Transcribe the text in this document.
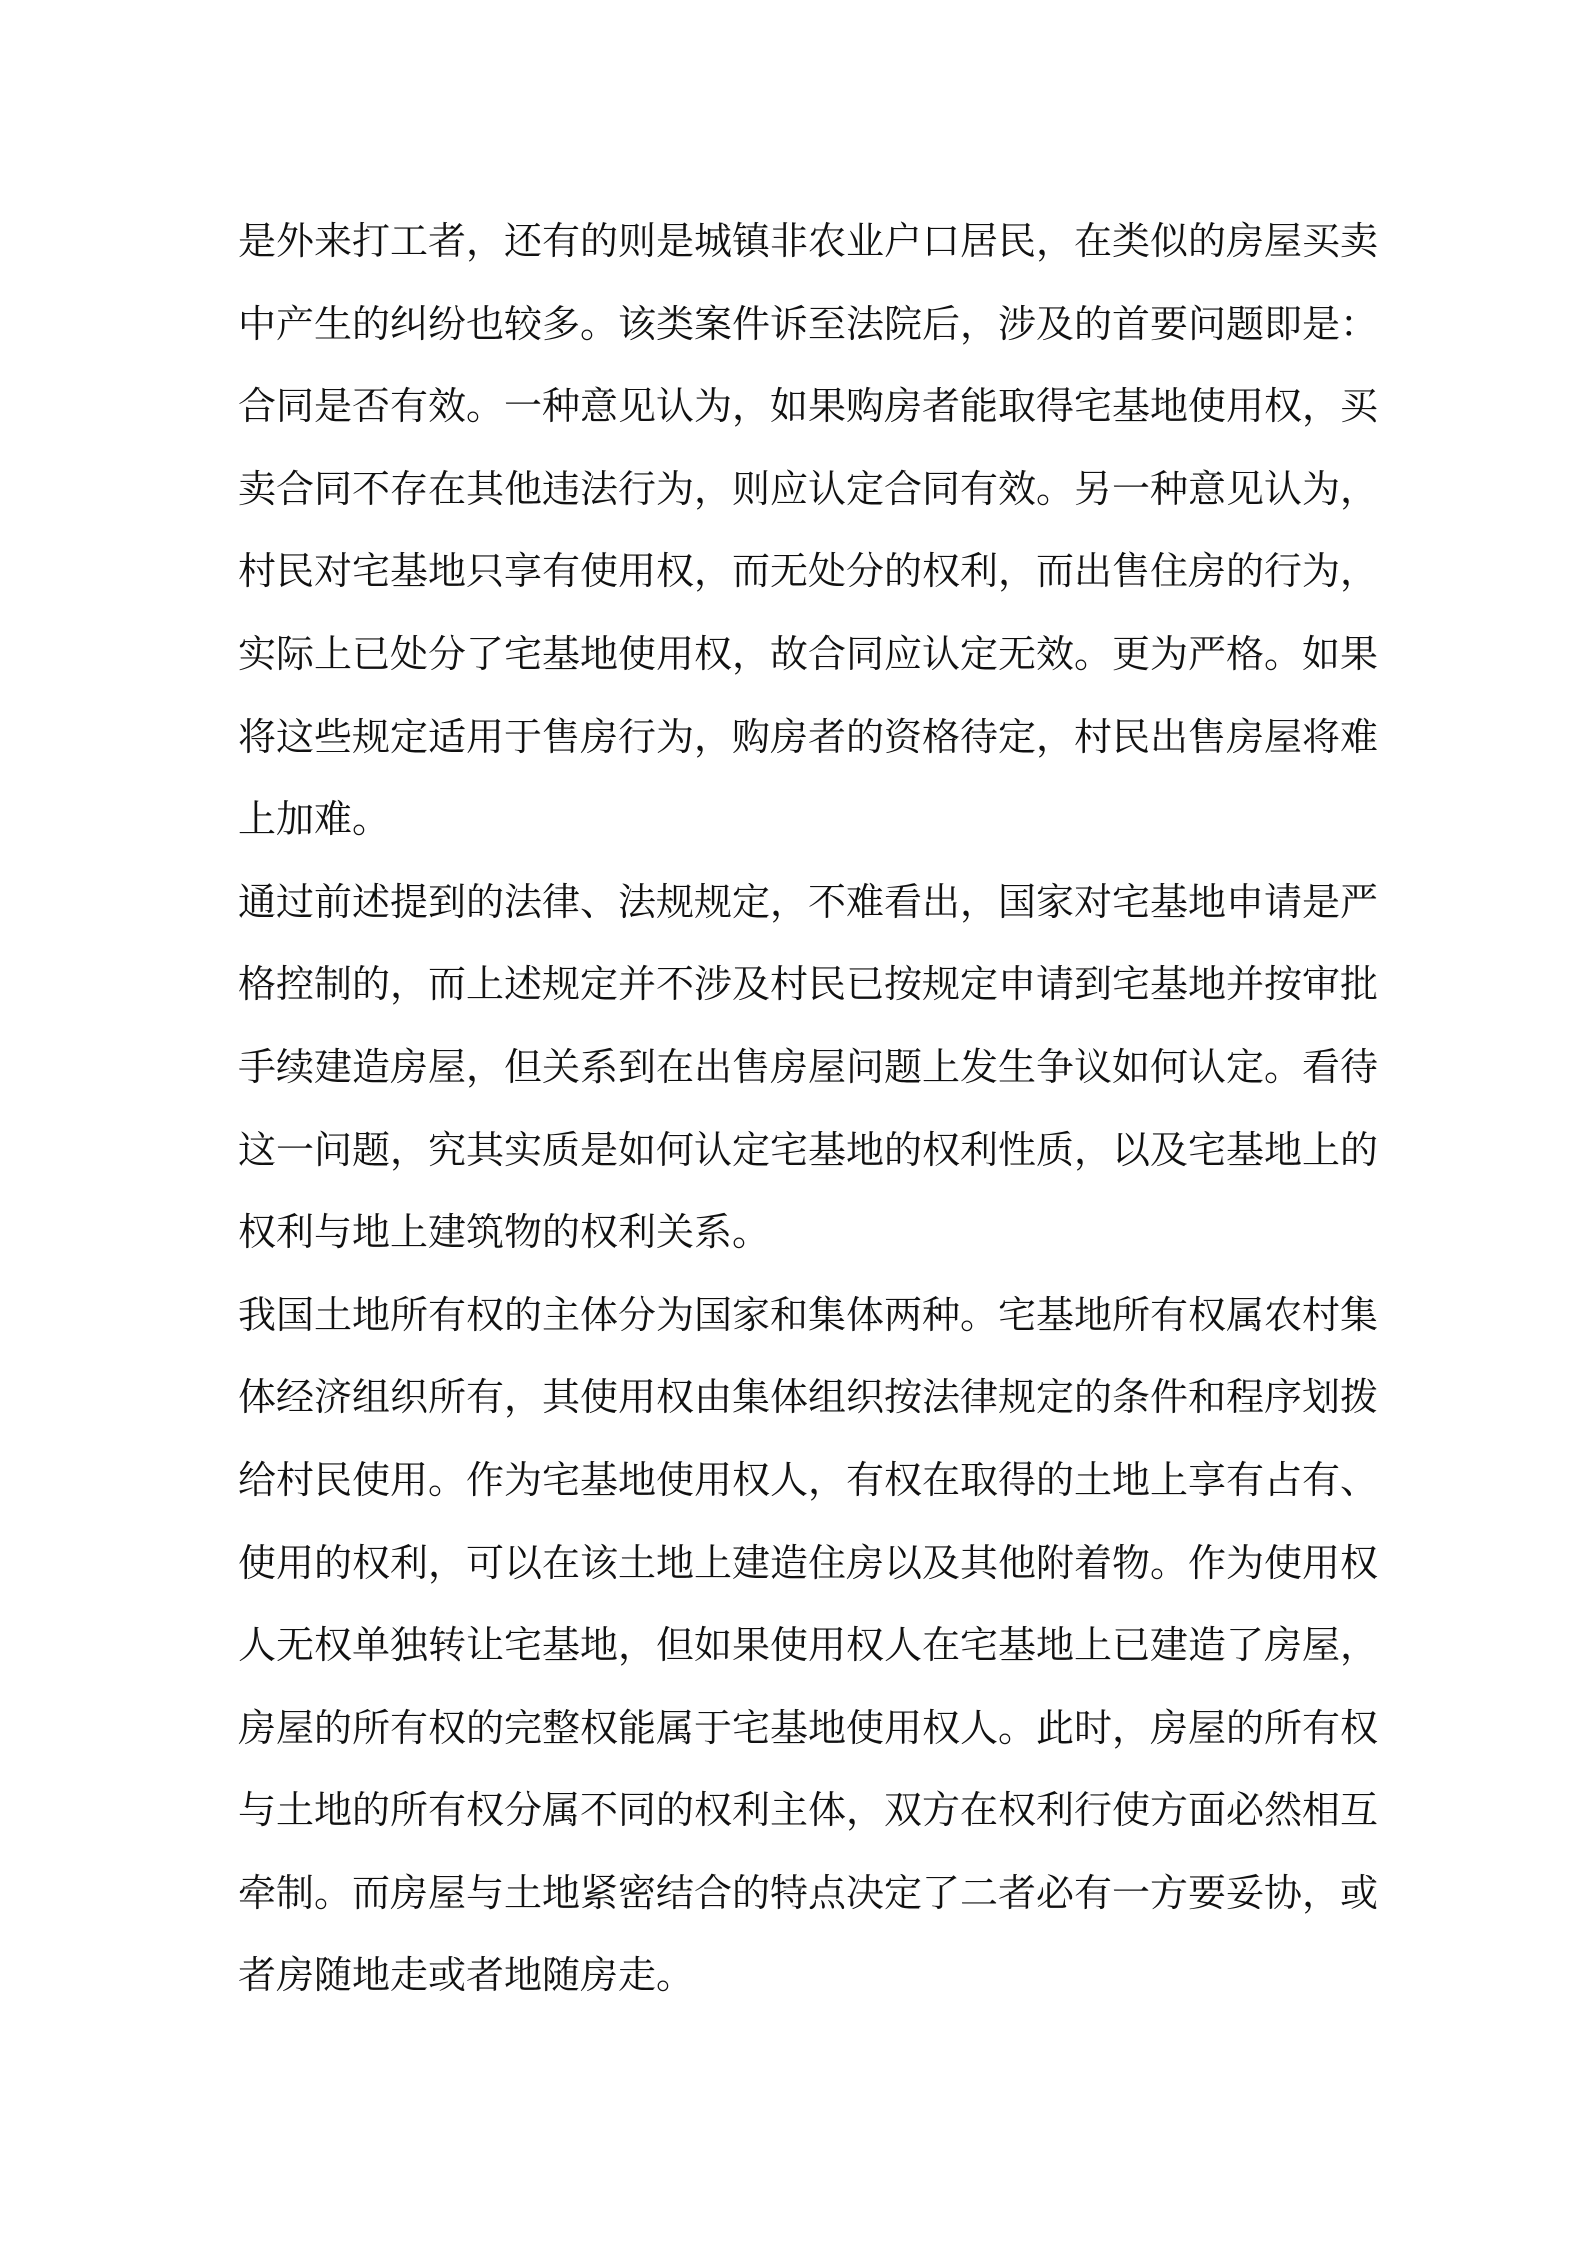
是外来打工者，还有的则是城镇非农业户口居民，在类似的房屋买卖
中产生的纠纷也较多。该类案件诉至法院后，涉及的首要问题即是：
合同是否有效。一种意见认为，如果购房者能取得宅基地使用权，买
卖合同不存在其他违法行为，则应认定合同有效。另一种意见认为，
村民对宅基地只享有使用权，而无处分的权利，而出售住房的行为，
实际上已处分了宅基地使用权，故合同应认定无效。更为严格。如果
将这些规定适用于售房行为，购房者的资格待定，村民出售房屋将难
上加难。
通过前述提到的法律、法规规定，不难看出，国家对宅基地申请是严
格控制的，而上述规定并不涉及村民已按规定申请到宅基地并按审批
手续建造房屋，但关系到在出售房屋问题上发生争议如何认定。看待
这一问题，究其实质是如何认定宅基地的权利性质，以及宅基地上的
权利与地上建筑物的权利关系。
我国土地所有权的主体分为国家和集体两种。宅基地所有权属农村集
体经济组织所有，其使用权由集体组织按法律规定的条件和程序划拨
给村民使用。作为宅基地使用权人，有权在取得的土地上享有占有、
使用的权利，可以在该土地上建造住房以及其他附着物。作为使用权
人无权单独转让宅基地，但如果使用权人在宅基地上已建造了房屋，
房屋的所有权的完整权能属于宅基地使用权人。此时，房屋的所有权
与土地的所有权分属不同的权利主体，双方在权利行使方面必然相互
牵制。而房屋与土地紧密结合的特点决定了二者必有一方要妥协，或
者房随地走或者地随房走。
